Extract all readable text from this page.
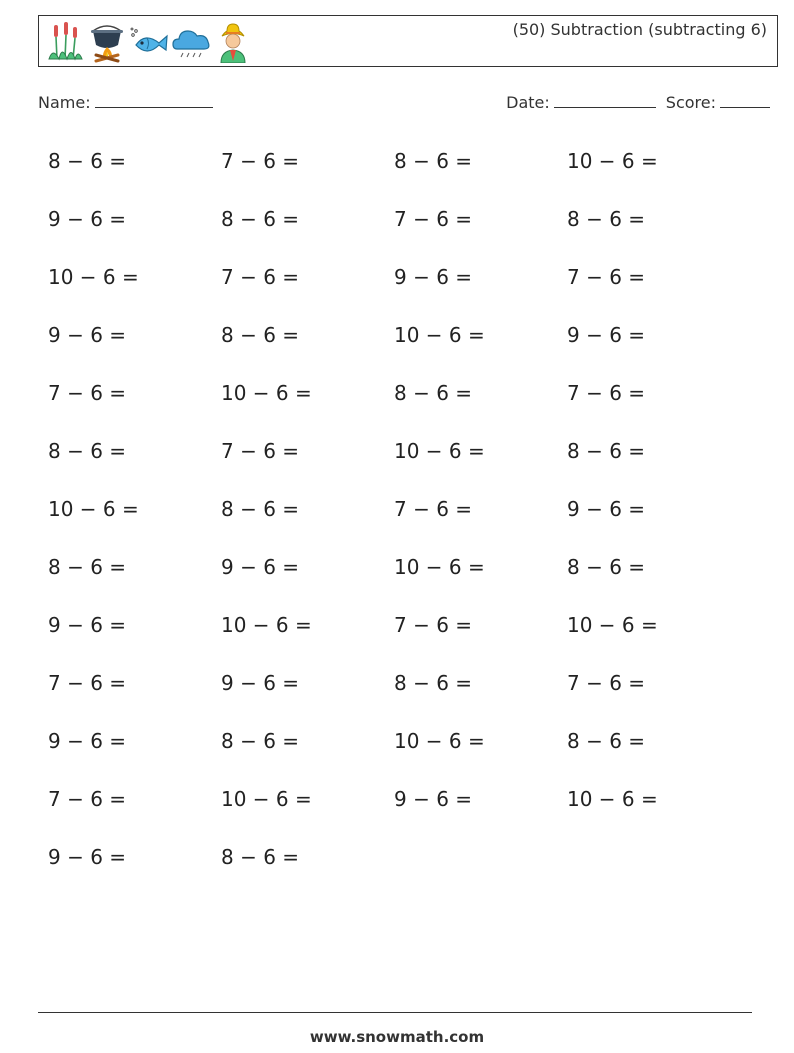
(50) Subtraction (subtracting 6)
Name:	Date:	Score:
8 − 6 =	7 − 6 =	8 − 6 =	10 − 6 =
9 − 6 =	8 − 6 =	7 − 6 =	8 − 6 =
10 − 6 =	7 − 6 =	9 − 6 =	7 − 6 =
9 − 6 =	8 − 6 =	10 − 6 =	9 − 6 =
7 − 6 =	10 − 6 =	8 − 6 =	7 − 6 =
8 − 6 =	7 − 6 =	10 − 6 =	8 − 6 =
10 − 6 =	8 − 6 =	7 − 6 =	9 − 6 =
8 − 6 =	9 − 6 =	10 − 6 =	8 − 6 =
9 − 6 =	10 − 6 =	7 − 6 =	10 − 6 =
7 − 6 =	9 − 6 =	8 − 6 =	7 − 6 =
9 − 6 =	8 − 6 =	10 − 6 =	8 − 6 =
7 − 6 =	10 − 6 =	9 − 6 =	10 − 6 =
9 − 6 =	8 − 6 =
www.snowmath.com
